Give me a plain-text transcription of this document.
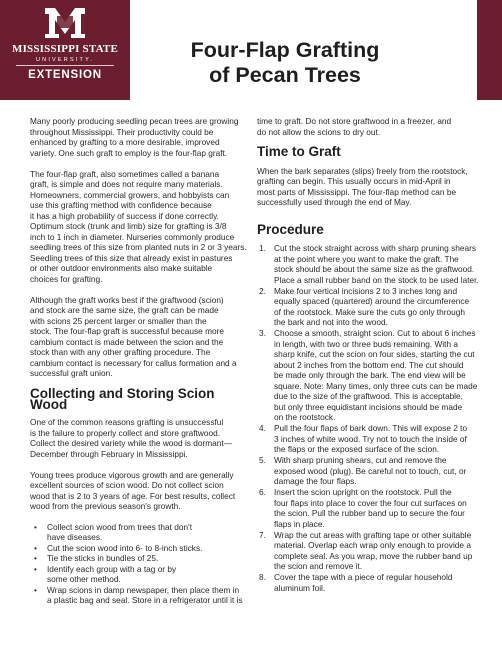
MISSISSIPPI STATE
UNIVERSITY.
EXTENSION
Four-Flap Grafting
of Pecan Trees

Many poorly producing seedling pecan trees are growing
throughout Mississippi. Their productivity could be
enhanced by grafting to a more desirable, improved
variety. One such graft to employ is the four-flap graft.

The four-flap graft, also sometimes called a banana
graft, is simple and does not require many materials.
Homeowners, commercial growers, and hobbyists can
use this grafting method with confidence because
it has a high probability of success if done correctly.
Optimum stock (trunk and limb) size for grafting is 3/8
inch to 1 inch in diameter. Nurseries commonly produce
seedling trees of this size from planted nuts in 2 or 3 years.
Seedling trees of this size that already exist in pastures
or other outdoor environments also make suitable
choices for grafting.

Although the graft works best if the graftwood (scion)
and stock are the same size, the graft can be made
with scions 25 percent larger or smaller than the
stock. The four-flap graft is successful because more
cambium contact is made between the scion and the
stock than with any other grafting procedure. The
cambium contact is necessary for callus formation and a
successful graft union.

Collecting and Storing Scion Wood

One of the common reasons grafting is unsuccessful
is the failure to properly collect and store graftwood.
Collect the desired variety while the wood is dormant—
December through February in Mississippi.

Young trees produce vigorous growth and are generally
excellent sources of scion wood. Do not collect scion
wood that is 2 to 3 years of age. For best results, collect
wood from the previous season's growth.

• Collect scion wood from trees that don't
have diseases.
• Cut the scion wood into 6- to 8-inch sticks.
• Tie the sticks in bundles of 25.
• Identify each group with a tag or by
some other method.
• Wrap scions in damp newspaper, then place them in
a plastic bag and seal. Store in a refrigerator until it is

time to graft. Do not store graftwood in a freezer, and
do not allow the scions to dry out.

Time to Graft

When the bark separates (slips) freely from the rootstock,
grafting can begin. This usually occurs in mid-April in
most parts of Mississippi. The four-flap method can be
successfully used through the end of May.

Procedure
1. Cut the stock straight across with sharp pruning shears
at the point where you want to make the graft. The
stock should be about the same size as the graftwood.
Place a small rubber band on the stock to be used later.
2. Make four vertical incisions 2 to 3 inches long and
equally spaced (quartered) around the circumference
of the rootstock. Make sure the cuts go only through
the bark and not into the wood.
3. Choose a smooth, straight scion. Cut to about 6 inches
in length, with two or three buds remaining. With a
sharp knife, cut the scion on four sides, starting the cut
about 2 inches from the bottom end. The cut should
be made only through the bark. The end view will be
square. Note: Many times, only three cuts can be made
due to the size of the graftwood. This is acceptable,
but only three equidistant incisions should be made
on the rootstock.
4. Pull the four flaps of bark down. This will expose 2 to
3 inches of white wood. Try not to touch the inside of
the flaps or the exposed surface of the scion.
5. With sharp pruning shears, cut and remove the
exposed wood (plug). Be careful not to touch, cut, or
damage the four flaps.
6. Insert the scion upright on the rootstock. Pull the
four flaps into place to cover the four cut surfaces on
the scion. Pull the rubber band up to secure the four
flaps in place.
7. Wrap the cut areas with grafting tape or other suitable
material. Overlap each wrap only enough to provide a
complete seal. As you wrap, move the rubber band up
the scion and remove it.
8. Cover the tape with a piece of regular household
aluminum foil.
